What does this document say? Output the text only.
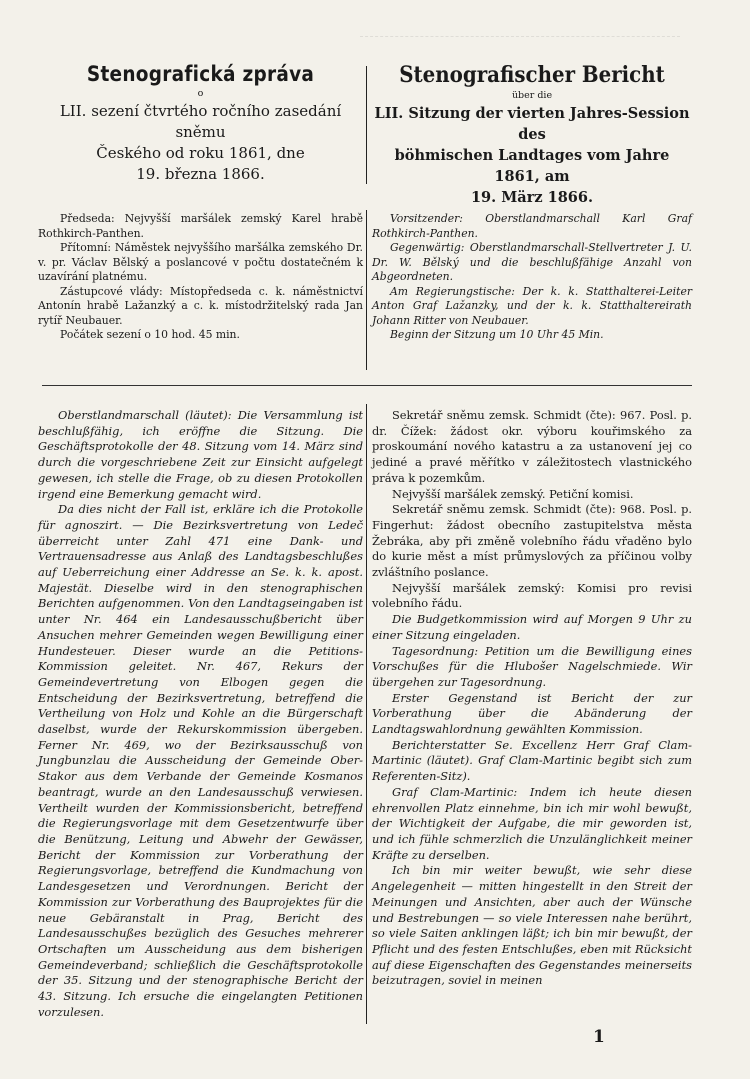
Stenografická zpráva
o
LII. sezení čtvrtého ročního zasedání sněmu
Českého od roku 1861, dne
19. března 1866.
Stenografischer Bericht
über die
LII. Sitzung der vierten Jahres-Session des
böhmischen Landtages vom Jahre 1861, am
19. März 1866.

Předseda: Nejvyšší maršálek zemský Karel hrabě Rothkirch-Panthen.

Přítomní: Náměstek nejvyššího maršálka zemského Dr. v. pr. Václav Bělský a poslancové v počtu dostatečném k uzavírání platnému.

Zástupcové vlády: Místopředseda c. k. náměstnictví Antonín hrabě Lažanzký a c. k. místodržitelský rada Jan rytíř Neubauer.

Počátek sezení o 10 hod. 45 min.

Vorsitzender: Oberstlandmarschall Karl Graf Rothkirch-Panthen.

Gegenwärtig: Oberstlandmarschall-Stellvertreter J. U. Dr. W. Bělský und die beschlußfähige Anzahl von Abgeordneten.

Am Regierungstische: Der k. k. Statthalterei-Leiter Anton Graf Lažanzky, und der k. k. Statthaltereirath Johann Ritter von Neubauer.

Beginn der Sitzung um 10 Uhr 45 Min.

Oberstlandmarschall (läutet): Die Versammlung ist beschlußfähig, ich eröffne die Sitzung. Die Geschäftsprotokolle der 48. Sitzung vom 14. März sind durch die vorgeschriebene Zeit zur Einsicht aufgelegt gewesen, ich stelle die Frage, ob zu diesen Protokollen irgend eine Bemerkung gemacht wird.

Da dies nicht der Fall ist, erkläre ich die Protokolle für agnoszirt. — Die Bezirksvertretung von Ledeč überreicht unter Zahl 471 eine Dank- und Vertrauensadresse aus Anlaß des Landtagsbeschlußes auf Ueberreichung einer Addresse an Se. k. k. apost. Majestät. Dieselbe wird in den stenographischen Berichten aufgenommen. Von den Landtagseingaben ist unter Nr. 464 ein Landesausschußbericht über Ansuchen mehrer Gemeinden wegen Bewilligung einer Hundesteuer. Dieser wurde an die Petitions-Kommission geleitet. Nr. 467, Rekurs der Gemeindevertretung von Elbogen gegen die Entscheidung der Bezirksvertretung, betreffend die Vertheilung von Holz und Kohle an die Bürgerschaft daselbst, wurde der Rekurskommission übergeben. Ferner Nr. 469, wo der Bezirksausschuß von Jungbunzlau die Ausscheidung der Gemeinde Ober-Stakor aus dem Verbande der Gemeinde Kosmanos beantragt, wurde an den Landesausschuß verwiesen. Vertheilt wurden der Kommissionsbericht, betreffend die Regierungsvorlage mit dem Gesetzentwurfe über die Benützung, Leitung und Abwehr der Gewässer, Bericht der Kommission zur Vorberathung der Regierungsvorlage, betreffend die Kundmachung von Landesgesetzen und Verordnungen. Bericht der Kommission zur Vorberathung des Bauprojektes für die neue Gebäranstalt in Prag, Bericht des Landesausschußes bezüglich des Gesuches mehrerer Ortschaften um Ausscheidung aus dem bisherigen Gemeindeverband; schließlich die Geschäftsprotokolle der 35. Sitzung und der stenographische Bericht der 43. Sitzung. Ich ersuche die eingelangten Petitionen vorzulesen.

Sekretář sněmu zemsk. Schmidt (čte): 967. Posl. p. dr. Čížek: žádost okr. výboru kouřimského za proskoumání nového katastru a za ustanovení jej co jediné a pravé měřítko v záležitostech vlastnického práva k pozemkům.

Nejvyšší maršálek zemský. Petiční komisi.

Sekretář sněmu zemsk. Schmidt (čte): 968. Posl. p. Fingerhut: žádost obecního zastupitelstva města Žebráka, aby při změně volebního řádu vřaděno bylo do kurie měst a míst průmyslových za příčinou volby zvláštního poslance.

Nejvyšší maršálek zemský: Komisi pro revisi volebního řádu.

Die Budgetkommission wird auf Morgen 9 Uhr zu einer Sitzung eingeladen.

Tagesordnung: Petition um die Bewilligung eines Vorschußes für die Hlubošer Nagelschmiede. Wir übergehen zur Tagesordnung.

Erster Gegenstand ist Bericht der zur Vorberathung über die Abänderung der Landtagswahlordnung gewählten Kommission.

Berichterstatter Se. Excellenz Herr Graf Clam-Martinic (läutet). Graf Clam-Martinic begibt sich zum Referenten-Sitz).

Graf Clam-Martinic: Indem ich heute diesen ehrenvollen Platz einnehme, bin ich mir wohl bewußt, der Wichtigkeit der Aufgabe, die mir geworden ist, und ich fühle schmerzlich die Unzulänglichkeit meiner Kräfte zu derselben.

Ich bin mir weiter bewußt, wie sehr diese Angelegenheit — mitten hingestellt in den Streit der Meinungen und Ansichten, aber auch der Wünsche und Bestrebungen — so viele Interessen nahe berührt, so viele Saiten anklingen läßt; ich bin mir bewußt, der Pflicht und des festen Entschlußes, eben mit Rücksicht auf diese Eigenschaften des Gegenstandes meinerseits beizutragen, soviel in meinen

1
